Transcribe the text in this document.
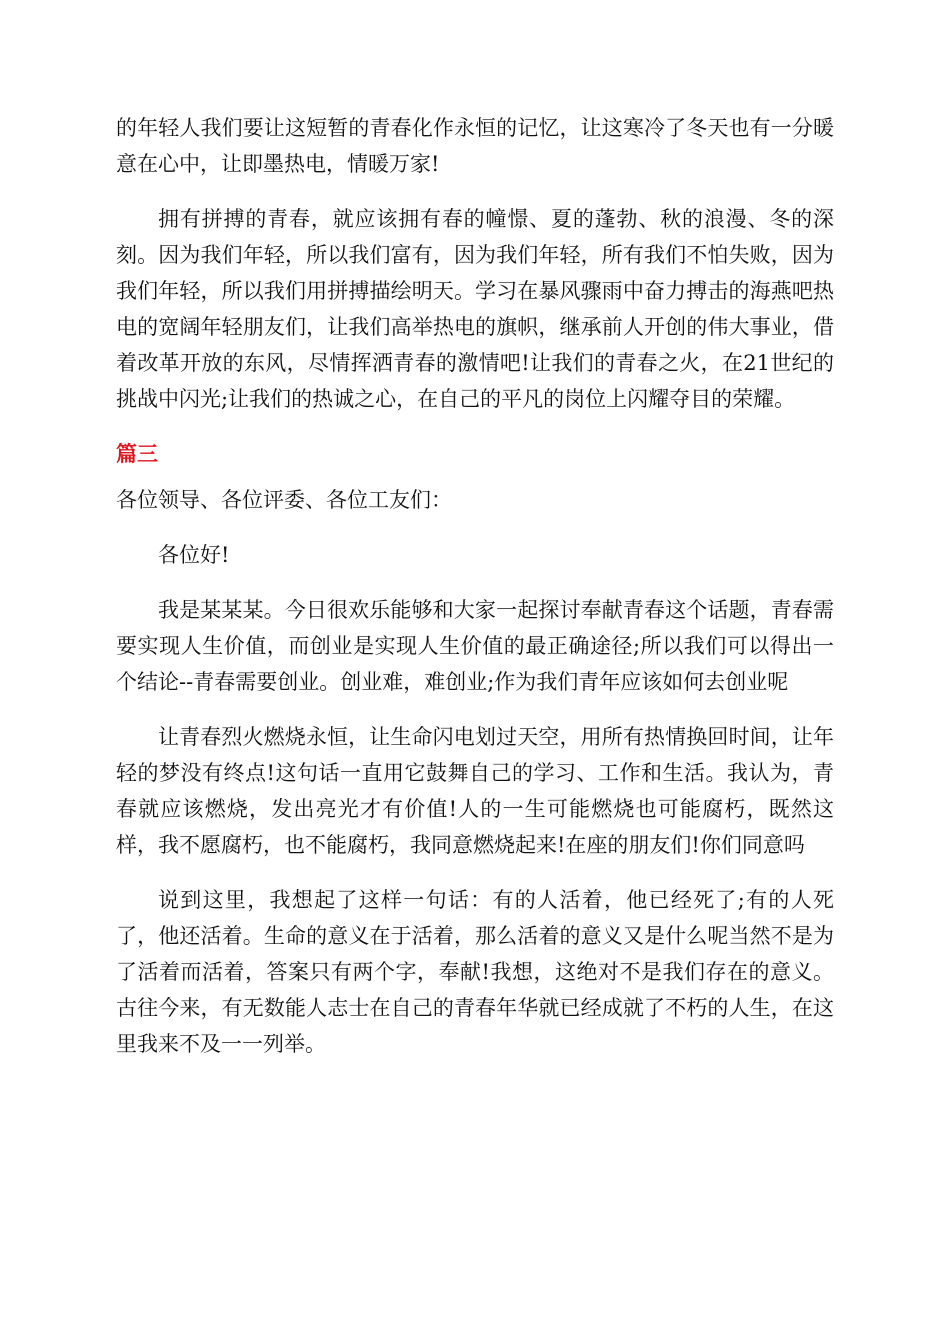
的年轻人我们要让这短暂的青春化作永恒的记忆，让这寒冷了冬天也有一分暖意在心中，让即墨热电，情暖万家!

拥有拼搏的青春，就应该拥有春的幢憬、夏的蓬勃、秋的浪漫、冬的深刻。因为我们年轻，所以我们富有，因为我们年轻，所有我们不怕失败，因为我们年轻，所以我们用拼搏描绘明天。学习在暴风骤雨中奋力搏击的海燕吧热电的宽阔年轻朋友们，让我们高举热电的旗帜，继承前人开创的伟大事业，借着改革开放的东风，尽情挥洒青春的激情吧!让我们的青春之火，在21世纪的挑战中闪光;让我们的热诚之心，在自己的平凡的岗位上闪耀夺目的荣耀。

篇三

各位领导、各位评委、各位工友们：

各位好!

我是某某某。今日很欢乐能够和大家一起探讨奉献青春这个话题，青春需要实现人生价值，而创业是实现人生价值的最正确途径;所以我们可以得出一个结论--青春需要创业。创业难，难创业;作为我们青年应该如何去创业呢

让青春烈火燃烧永恒，让生命闪电划过天空，用所有热情换回时间，让年轻的梦没有终点!这句话一直用它鼓舞自己的学习、工作和生活。我认为，青春就应该燃烧，发出亮光才有价值!人的一生可能燃烧也可能腐朽，既然这样，我不愿腐朽，也不能腐朽，我同意燃烧起来!在座的朋友们!你们同意吗

说到这里，我想起了这样一句话：有的人活着，他已经死了;有的人死了，他还活着。生命的意义在于活着，那么活着的意义又是什么呢当然不是为了活着而活着，答案只有两个字，奉献!我想，这绝对不是我们存在的意义。古往今来，有无数能人志士在自己的青春年华就已经成就了不朽的人生，在这里我来不及一一列举。
